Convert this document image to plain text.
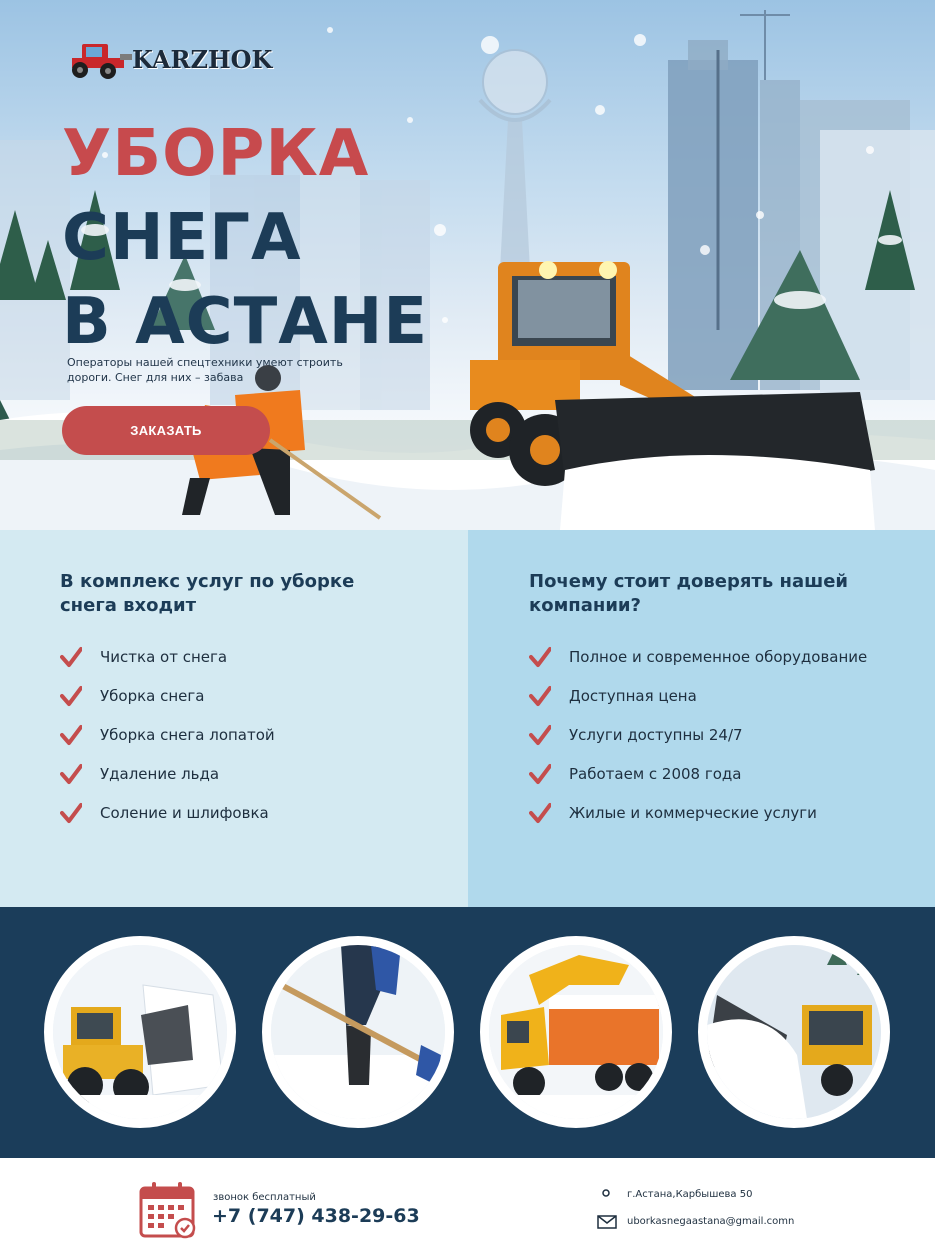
KARZHOK
УБОРКА
СНЕГА
В АСТАНЕ

Операторы нашей спецтехники умеют строить дороги. Снег для них – забава

ЗАКАЗАТЬ
В комплекс услуг по уборке снега входит
Чистка от снега
Уборка снега
Уборка снега лопатой
Удаление льда
Соление и шлифовка
Почему стоит доверять нашей компании?
Полное и современное оборудование
Доступная цена
Услуги доступны 24/7
Работаем с 2008 года
Жилые и коммерческие услуги
звонок бесплатный
+7 (747) 438-29-63
г.Астана,Карбышева 50
uborkasnegaastana@gmail.comn
